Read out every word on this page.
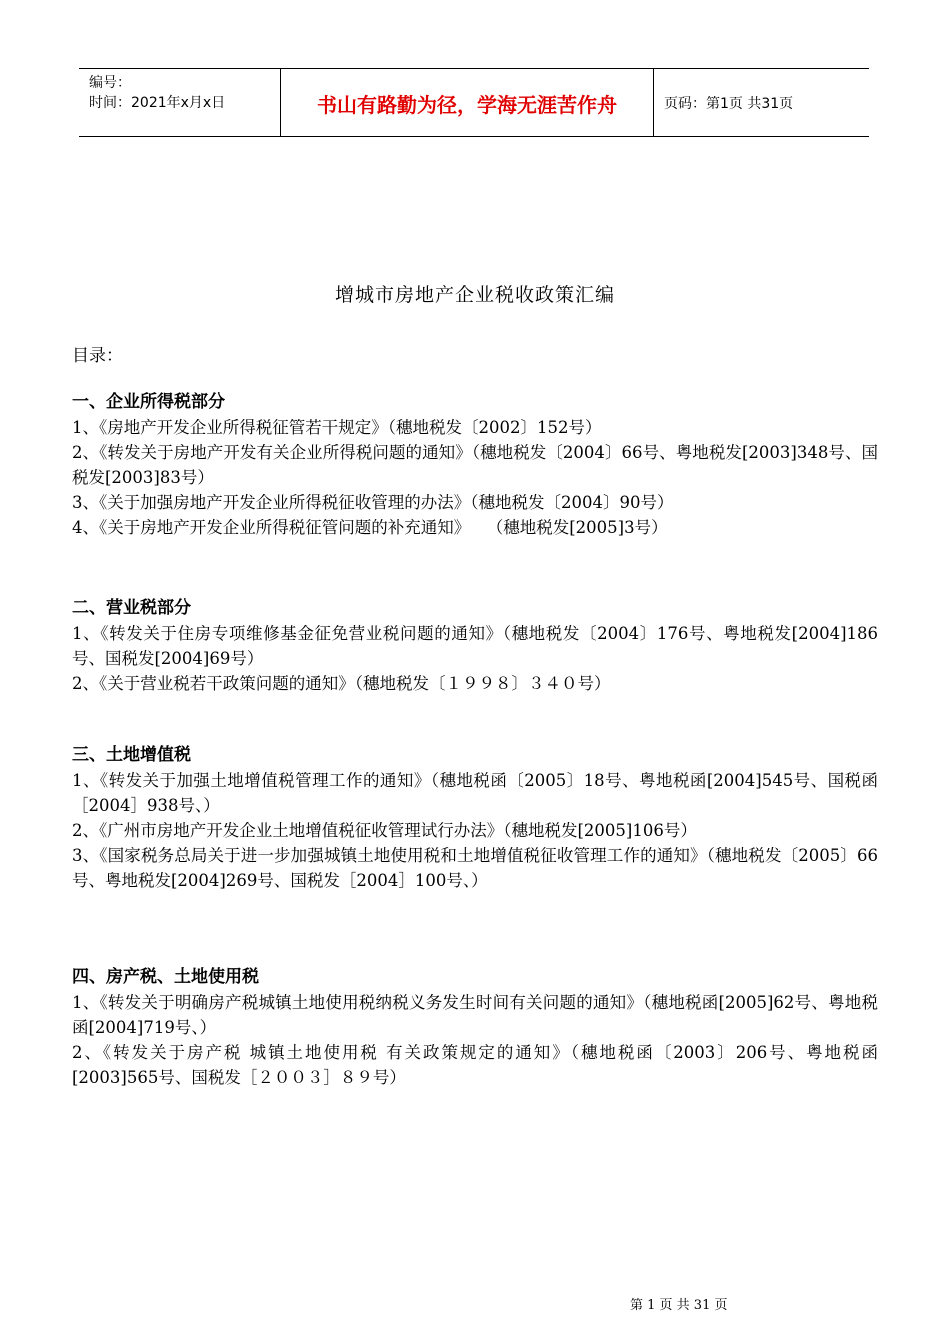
编号：
时间：2021年x月x日	书山有路勤为径，学海无涯苦作舟	页码：第1页 共31页
增城市房地产企业税收政策汇编
目录：
一、企业所得税部分
1、《房地产开发企业所得税征管若干规定》（穗地税发〔2002〕152号）
2、《转发关于房地产开发有关企业所得税问题的通知》（穗地税发〔2004〕66号、粤地税发[2003]348号、国税发[2003]83号）
3、《关于加强房地产开发企业所得税征收管理的办法》（穗地税发〔2004〕90号）
4、《关于房地产开发企业所得税征管问题的补充通知》　　（穗地税发[2005]3号）
二、营业税部分
1、《转发关于住房专项维修基金征免营业税问题的通知》（穗地税发〔2004〕176号、粤地税发[2004]186号、国税发[2004]69号）
2、《关于营业税若干政策问题的通知》（穗地税发〔１９９８〕３４０号）
三、土地增值税
1、《转发关于加强土地增值税管理工作的通知》（穗地税函〔2005〕18号、粤地税函[2004]545号、国税函［2004］938号、）
2、《广州市房地产开发企业土地增值税征收管理试行办法》（穗地税发[2005]106号）
3、《国家税务总局关于进一步加强城镇土地使用税和土地增值税征收管理工作的通知》（穗地税发〔2005〕66号、粤地税发[2004]269号、国税发［2004］100号、）
四、房产税、土地使用税
1、《转发关于明确房产税城镇土地使用税纳税义务发生时间有关问题的通知》（穗地税函[2005]62号、粤地税函[2004]719号、）
2、《转发关于房产税 城镇土地使用税 有关政策规定的通知》（穗地税函〔2003〕206号、粤地税函[2003]565号、国税发［２００３］８９号）
第 1 页 共 31 页
